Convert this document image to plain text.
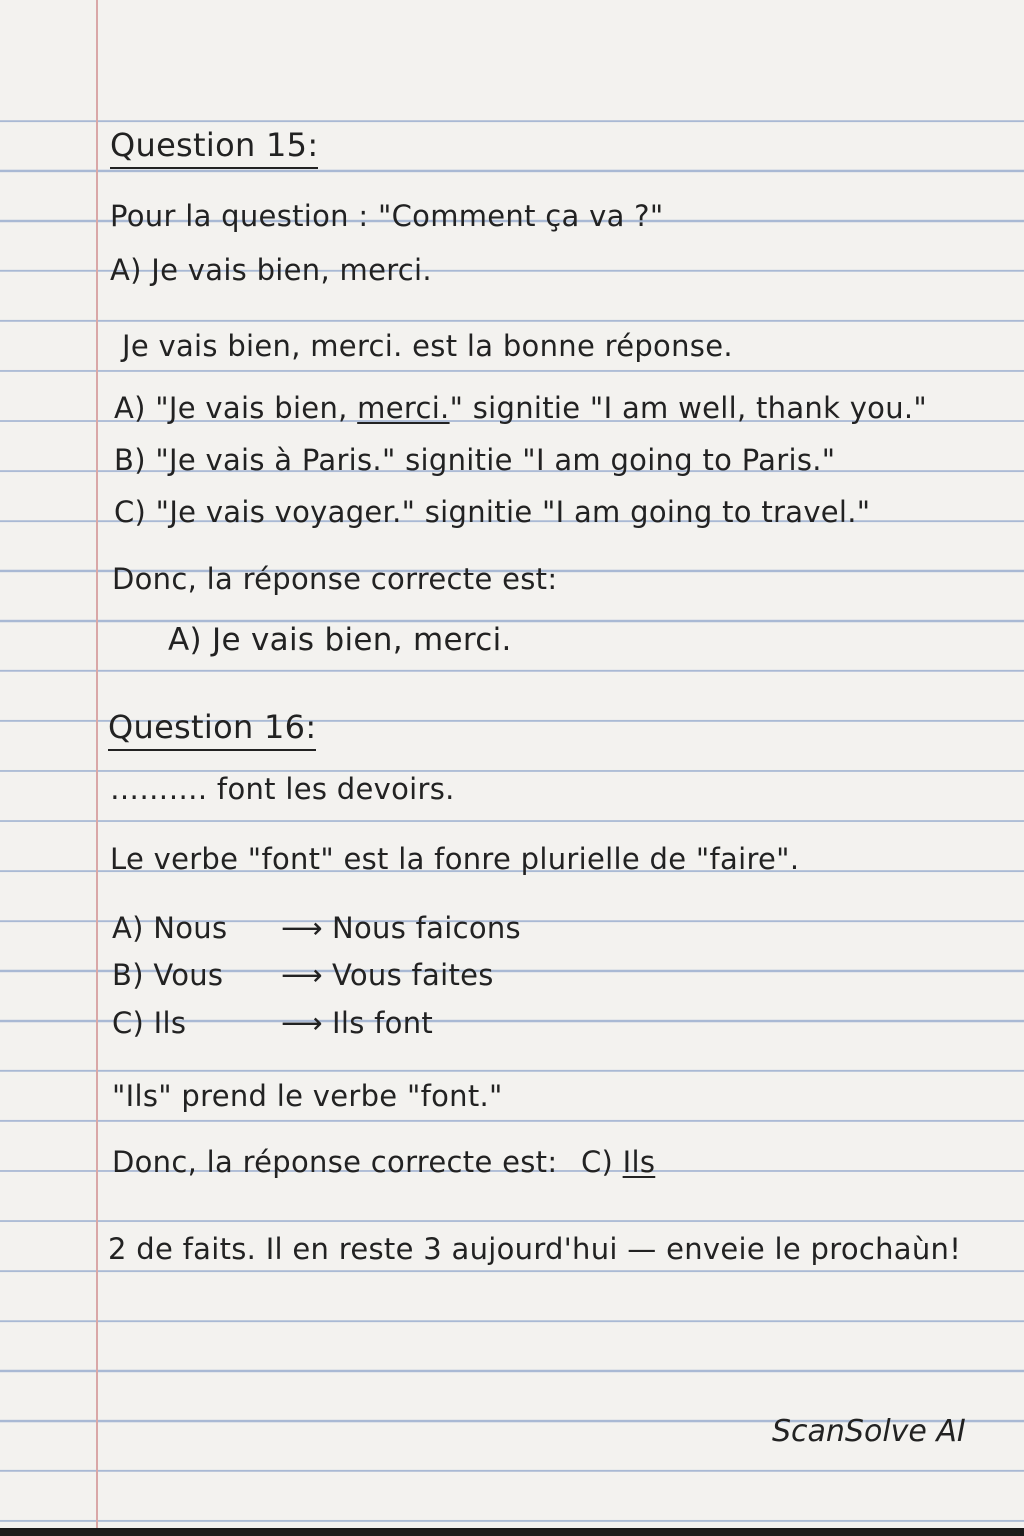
Question 15:
Pour la question : "Comment ça va ?"
A) Je vais bien, merci.
Je vais bien, merci. est la bonne réponse.
A) "Je vais bien, merci." signitie "I am well, thank you."
B) "Je vais à Paris." signitie "I am going to Paris."
C) "Je vais voyager." signitie "I am going to travel."
Donc, la réponse correcte est:
A) Je vais bien, merci.
Question 16:
………. font les devoirs.
Le verbe "font" est la fonre plurielle de "faire".
A) Nous ⟶ Nous faicons
B) Vous ⟶ Vous faites
C) Ils	⟶ Ils font
"Ils" prend le verbe "font."
Donc, la réponse correcte est: C) Ils
2 de faits. Il en reste 3 aujourd'hui — enveie le prochaùn!
ScanSolve AI
